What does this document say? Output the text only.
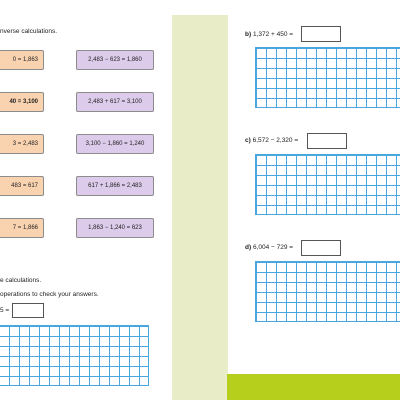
nverse calculations.
0 = 1,863
40 = 3,100
3 = 2,483
483 = 617
7 = 1,866
2,483 − 623 = 1,860
2,483 + 617 = 3,100
3,100 − 1,860 = 1,240
617 + 1,866 = 2,483
1,863 − 1,240 = 623
e calculations.
operations to check your answers.
5 =
b) 1,372 + 450 =
c) 6,572 − 2,320 =
d) 6,004 − 729 =
